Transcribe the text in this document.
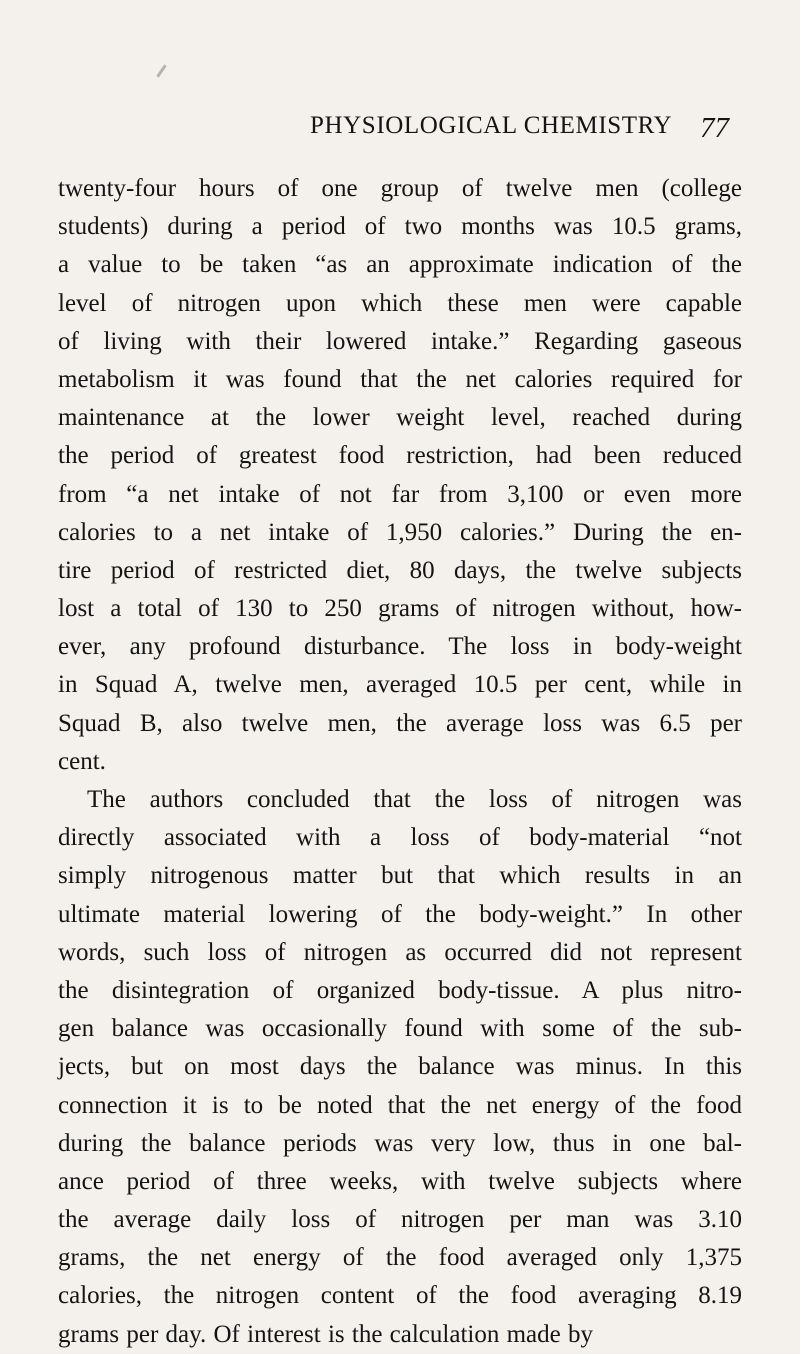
PHYSIOLOGICAL CHEMISTRY 77
twenty-four hours of one group of twelve men (college
students) during a period of two months was 10.5 grams,
a value to be taken “as an approximate indication of the
level of nitrogen upon which these men were capable
of living with their lowered intake.” Regarding gaseous
metabolism it was found that the net calories required for
maintenance at the lower weight level, reached during
the period of greatest food restriction, had been reduced
from “a net intake of not far from 3,100 or even more
calories to a net intake of 1,950 calories.” During the en-
tire period of restricted diet, 80 days, the twelve subjects
lost a total of 130 to 250 grams of nitrogen without, how-
ever, any profound disturbance. The loss in body-weight
in Squad A, twelve men, averaged 10.5 per cent, while in
Squad B, also twelve men, the average loss was 6.5 per
cent.
The authors concluded that the loss of nitrogen was
directly associated with a loss of body-material “not
simply nitrogenous matter but that which results in an
ultimate material lowering of the body-weight.” In other
words, such loss of nitrogen as occurred did not represent
the disintegration of organized body-tissue. A plus nitro-
gen balance was occasionally found with some of the sub-
jects, but on most days the balance was minus. In this
connection it is to be noted that the net energy of the food
during the balance periods was very low, thus in one bal-
ance period of three weeks, with twelve subjects where
the average daily loss of nitrogen per man was 3.10
grams, the net energy of the food averaged only 1,375
calories, the nitrogen content of the food averaging 8.19
grams per day. Of interest is the calculation made by
